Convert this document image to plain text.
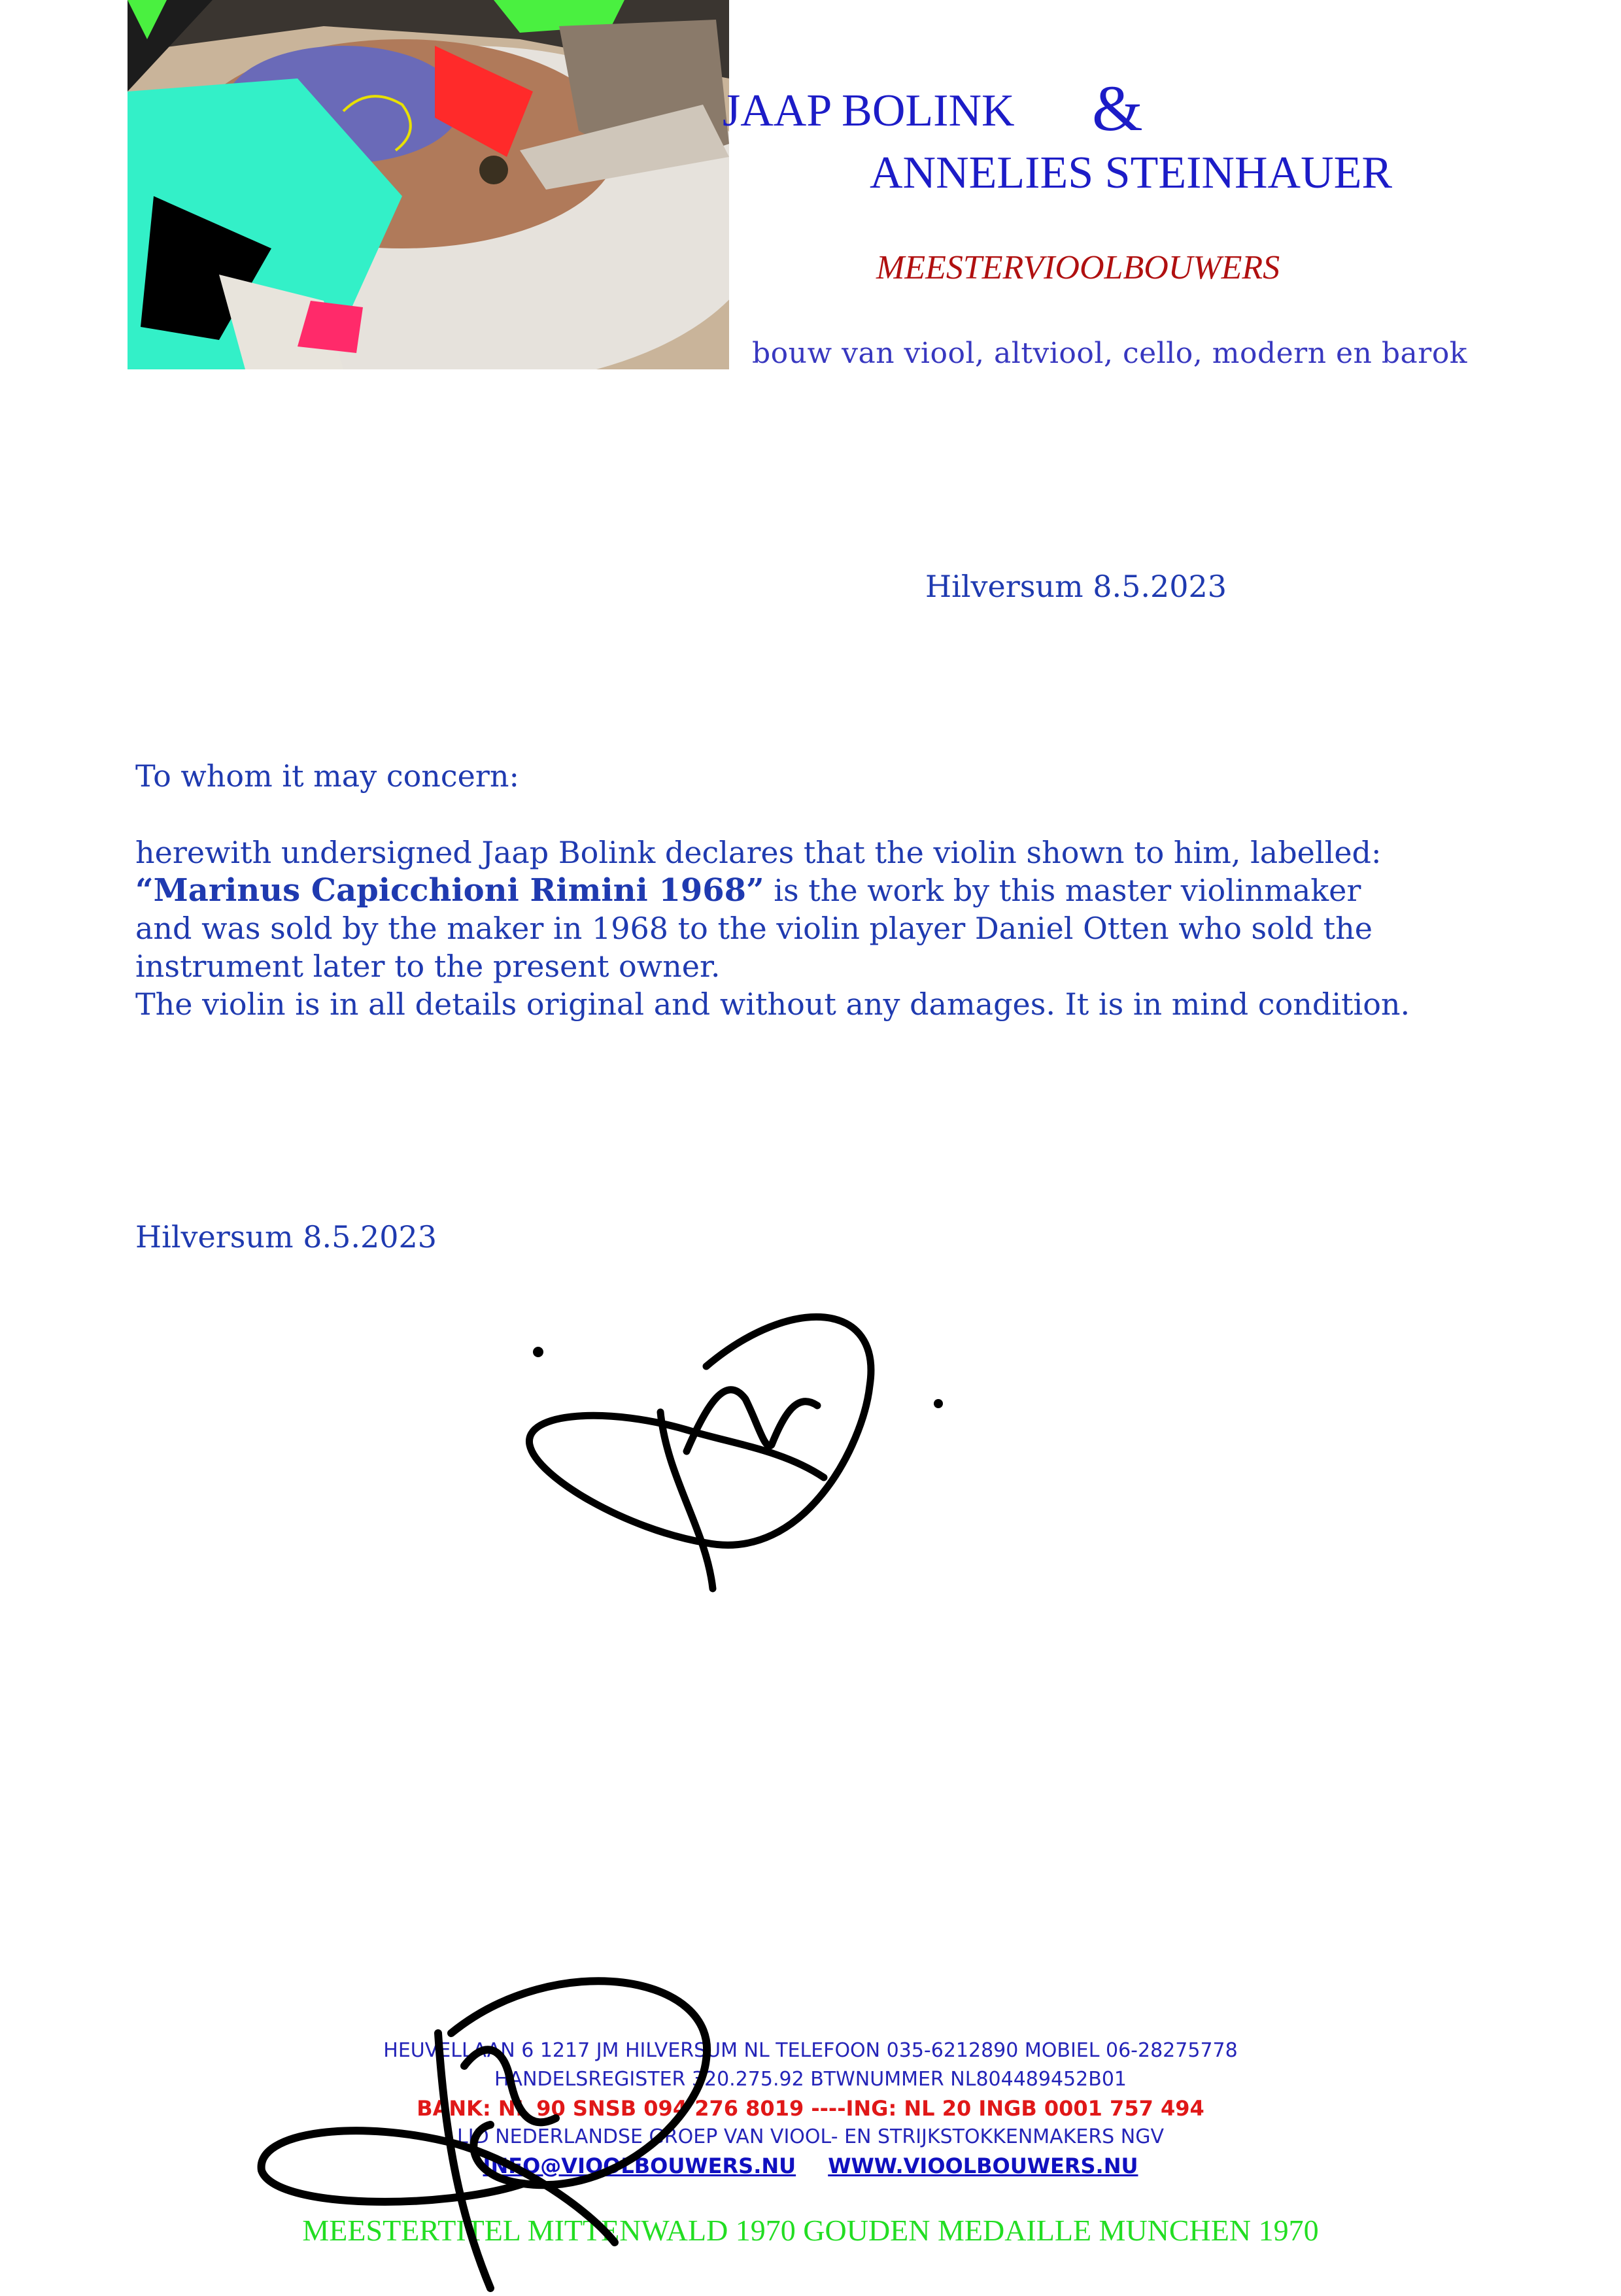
JAAP BOLINK &
ANNELIES STEINHAUER
MEESTERVIOOLBOUWERS
bouw van viool, altviool, cello, modern en barok
Hilversum 8.5.2023
To whom it may concern:

herewith undersigned Jaap Bolink declares that the violin shown to him, labelled:

“Marinus Capicchioni Rimini 1968” is the work by this master violinmaker

and was sold by the maker in 1968 to the violin player Daniel Otten who sold the

instrument later to the present owner.

The violin is in all details original and without any damages. It is in mind condition.

Hilversum 8.5.2023
HEUVELLAAN 6 1217 JM HILVERSUM NL TELEFOON 035-6212890 MOBIEL 06-28275778
HANDELSREGISTER 320.275.92 BTWNUMMER NL804489452B01
BANK: NL 90 SNSB 094 276 8019 ----ING: NL 20 INGB 0001 757 494
LID NEDERLANDSE GROEP VAN VIOOL- EN STRIJKSTOKKENMAKERS NGV
INFO@VIOOLBOUWERS.NU WWW.VIOOLBOUWERS.NU
MEESTERTITEL MITTENWALD 1970 GOUDEN MEDAILLE MUNCHEN 1970
